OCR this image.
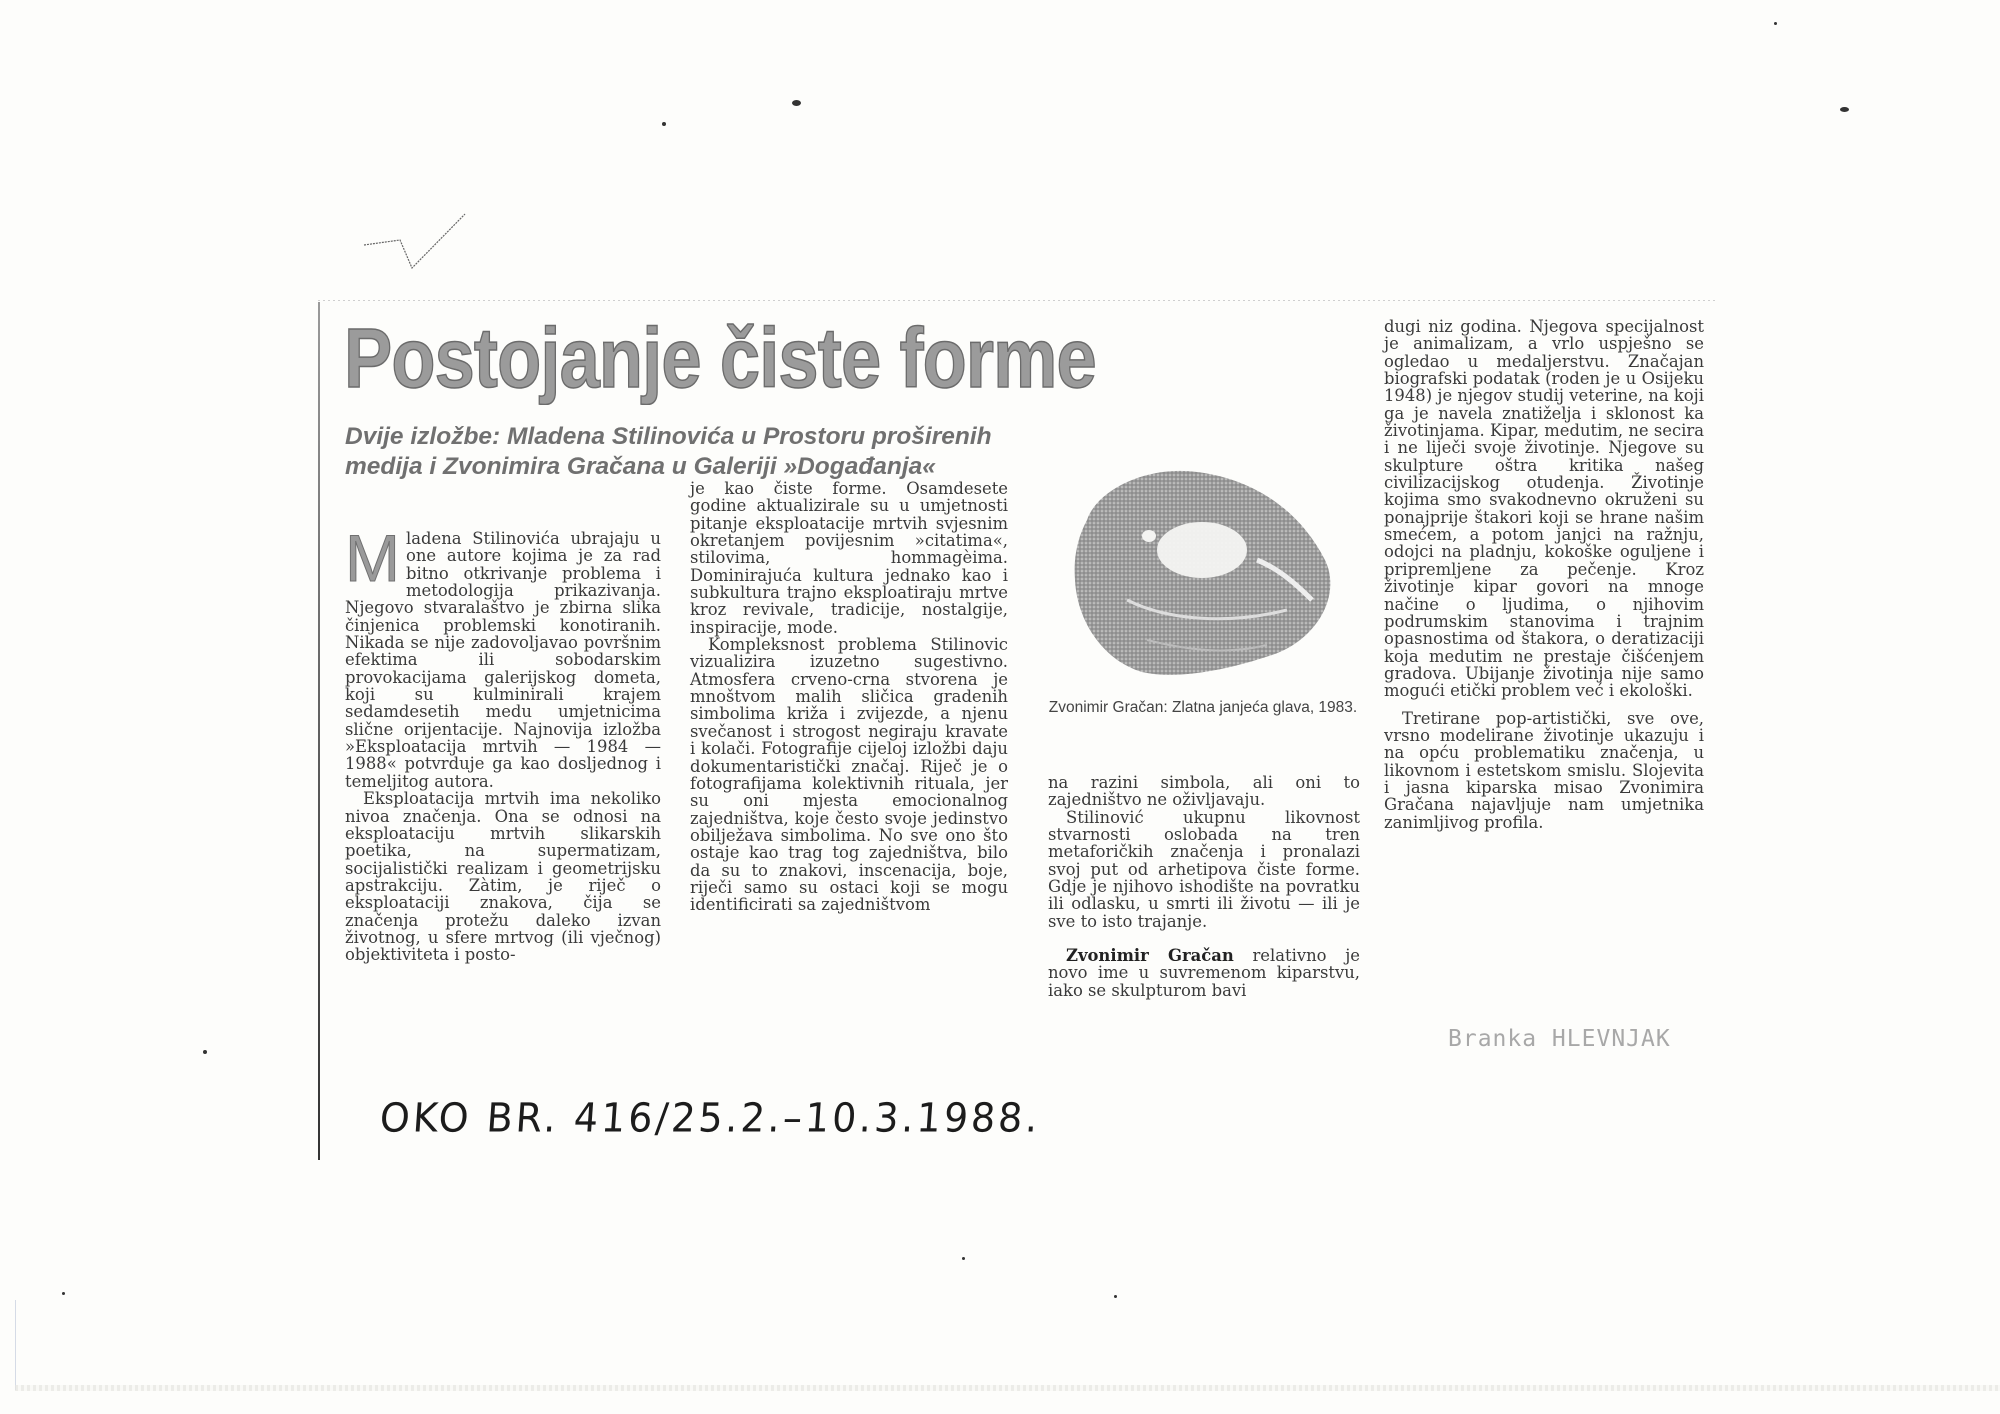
Postojanje čiste forme
Dvije izložbe: Mladena Stilinovića u Prostoru proširenih medija i Zvonimira Gračana u Galeriji »Događanja«
M ladena Stilinovića ubrajaju u one autore kojima je za rad bitno otkrivanje problema i metodologija prikazivanja. Njegovo stvaralaštvo je zbirna slika činjenica problemski konotiranih. Nikada se nije zadovoljavao površnim efektima ili sobodarskim provokacijama galerijskog dometa, koji su kulminirali krajem sedamdesetih medu umjetnicima slične orijentacije. Najnovija izložba »Eksploatacija mrtvih — 1984 — 1988« potvrduje ga kao dosljednog i temeljitog autora.

Eksploatacija mrtvih ima nekoliko nivoa značenja. Ona se odnosi na eksploataciju mrtvih slikarskih poetika, na supermatizam, socijalistički realizam i geometrijsku apstrakciju. Zàtim, je riječ o eksploataciji znakova, čija se značenja protežu daleko izvan životnog, u sfere mrtvog (ili vječnog) objektiviteta i posto-

je kao čiste forme. Osamdesete godine aktualizirale su u umjetnosti pitanje eksploatacije mrtvih svjesnim okretanjem povijesnim »citatima«, stilovima, hommagèima. Dominirajuća kultura jednako kao i subkultura trajno eksploatiraju mrtve kroz revivale, tradicije, nostalgije, inspiracije, mode.

Kompleksnost problema Stilinovic vizualizira izuzetno sugestivno. Atmosfera crveno-crna stvorena je mnoštvom malih sličica gradenih simbolima križa i zvijezde, a njenu svečanost i strogost negiraju kravate i kolači. Fotografije cijeloj izložbi daju dokumentaristički značaj. Riječ je o fotografijama kolektivnih rituala, jer su oni mjesta emocionalnog zajedništva, koje često svoje jedinstvo obilježava simbolima. No sve ono što ostaje kao trag tog zajedništva, bilo da su to znakovi, inscenacija, boje, riječi samo su ostaci koji se mogu identificirati sa zajedništvom

Zvonimir Gračan: Zlatna janjeća glava, 1983.

na razini simbola, ali oni to zajedništvo ne oživljavaju.

Stilinović ukupnu likovnost stvarnosti oslobada na tren metaforičkih značenja i pronalazi svoj put od arhetipova čiste forme. Gdje je njihovo ishodište na povratku ili odlasku, u smrti ili životu — ili je sve to isto trajanje.

Zvonimir Gračan relativno je novo ime u suvremenom kiparstvu, iako se skulpturom bavi

dugi niz godina. Njegova specijalnost je animalizam, a vrlo uspješno se ogledao u medaljerstvu. Značajan biografski podatak (roden je u Osijeku 1948) je njegov studij veterine, na koji ga je navela znatiželja i sklonost ka životinjama. Kipar, medutim, ne secira i ne liječi svoje životinje. Njegove su skulpture oštra kritika našeg civilizacijskog otudenja. Životinje kojima smo svakodnevno okruženi su ponajprije štakori koji se hrane našim smećem, a potom janjci na ražnju, odojci na pladnju, kokoške oguljene i pripremljene za pečenje. Kroz životinje kipar govori na mnoge načine o ljudima, o njihovim podrumskim stanovima i trajnim opasnostima od štakora, o deratizaciji koja medutim ne prestaje čišćenjem gradova. Ubijanje životinja nije samo mogući etički problem već i ekološki.

Tretirane pop-artistički, sve ove, vrsno modelirane životinje ukazuju i na opću problematiku značenja, u likovnom i estetskom smislu. Slojevita i jasna kiparska misao Zvonimira Gračana najavljuje nam umjetnika zanimljivog profila.

Branka HLEVNJAK
OKO BR. 416/25.2.–10.3.1988.
